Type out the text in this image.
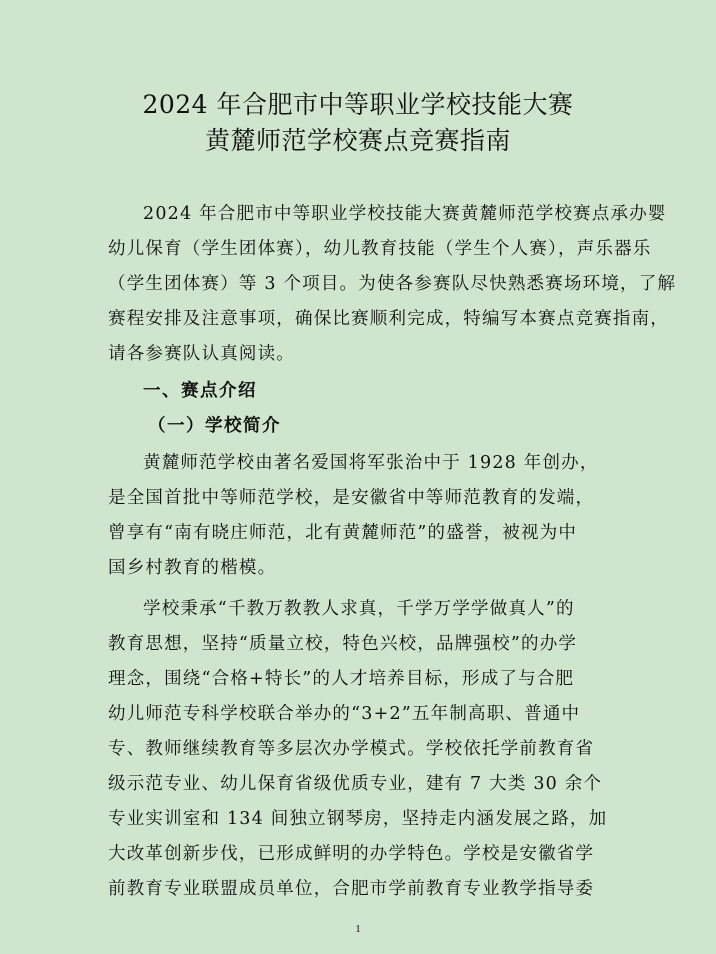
2024 年合肥市中等职业学校技能大赛
黄麓师范学校赛点竞赛指南
2024 年合肥市中等职业学校技能大赛黄麓师范学校赛点承办婴
幼儿保育（学生团体赛），幼儿教育技能（学生个人赛），声乐器乐
（学生团体赛）等 3 个项目。为使各参赛队尽快熟悉赛场环境，了解
赛程安排及注意事项，确保比赛顺利完成，特编写本赛点竞赛指南，
请各参赛队认真阅读。
一、赛点介绍
（一）学校简介
黄麓师范学校由著名爱国将军张治中于 1928 年创办，
是全国首批中等师范学校，是安徽省中等师范教育的发端，
曾享有“南有晓庄师范，北有黄麓师范”的盛誉，被视为中
国乡村教育的楷模。
学校秉承“千教万教教人求真，千学万学学做真人”的
教育思想，坚持“质量立校，特色兴校，品牌强校”的办学
理念，围绕“合格+特长”的人才培养目标，形成了与合肥
幼儿师范专科学校联合举办的“3+2”五年制高职、普通中
专、教师继续教育等多层次办学模式。学校依托学前教育省
级示范专业、幼儿保育省级优质专业，建有 7 大类 30 余个
专业实训室和 134 间独立钢琴房，坚持走内涵发展之路，加
大改革创新步伐，已形成鲜明的办学特色。学校是安徽省学
前教育专业联盟成员单位，合肥市学前教育专业教学指导委
1
